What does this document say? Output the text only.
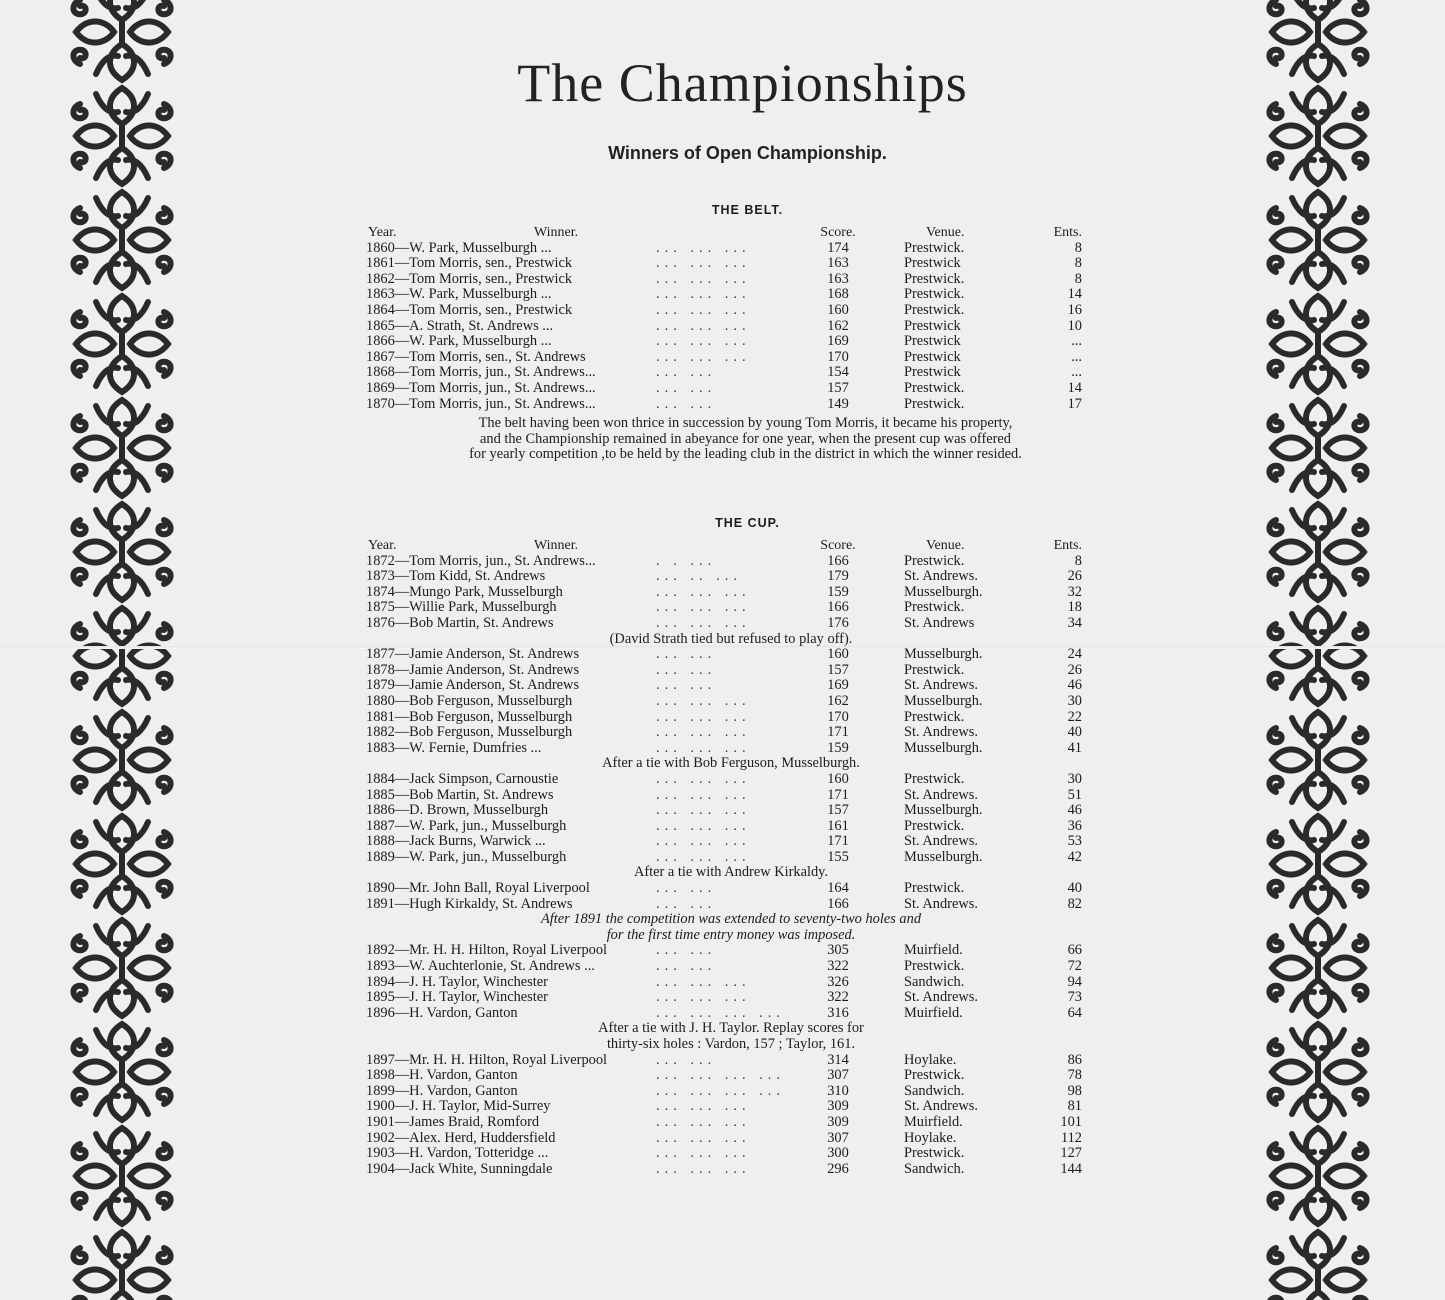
The Championships
Winners of Open Championship.
THE BELT.
Year.	Winner.	Score.	Venue.	Ents.
1860—W. Park, Musselburgh ...	... ... ...	174	Prestwick.	8
1861—Tom Morris, sen., Prestwick	... ... ...	163	Prestwick	8
1862—Tom Morris, sen., Prestwick	... ... ...	163	Prestwick.	8
1863—W. Park, Musselburgh ...	... ... ...	168	Prestwick.	14
1864—Tom Morris, sen., Prestwick	... ... ...	160	Prestwick.	16
1865—A. Strath, St. Andrews ...	... ... ...	162	Prestwick	10
1866—W. Park, Musselburgh ...	... ... ...	169	Prestwick	...
1867—Tom Morris, sen., St. Andrews	... ... ...	170	Prestwick	...
1868—Tom Morris, jun., St. Andrews...	... ...	154	Prestwick	...
1869—Tom Morris, jun., St. Andrews...	... ...	157	Prestwick.	14
1870—Tom Morris, jun., St. Andrews...	... ...	149	Prestwick.	17
The belt having been won thrice in succession by young Tom Morris, it became his property,
and the Championship remained in abeyance for one year, when the present cup was offered
for yearly competition ,to be held by the leading club in the district in which the winner resided.
THE CUP.
Year.	Winner.	Score.	Venue.	Ents.
1872—Tom Morris, jun., St. Andrews...	. . ...	166	Prestwick.	8
1873—Tom Kidd, St. Andrews	... .. ...	179	St. Andrews.	26
1874—Mungo Park, Musselburgh	... ... ...	159	Musselburgh.	32
1875—Willie Park, Musselburgh	... ... ...	166	Prestwick.	18
1876—Bob Martin, St. Andrews	... ... ...	176	St. Andrews	34
(David Strath tied but refused to play off).
1877—Jamie Anderson, St. Andrews	... ...	160	Musselburgh.	24
1878—Jamie Anderson, St. Andrews	... ...	157	Prestwick.	26
1879—Jamie Anderson, St. Andrews	... ...	169	St. Andrews.	46
1880—Bob Ferguson, Musselburgh	... ... ...	162	Musselburgh.	30
1881—Bob Ferguson, Musselburgh	... ... ...	170	Prestwick.	22
1882—Bob Ferguson, Musselburgh	... ... ...	171	St. Andrews.	40
1883—W. Fernie, Dumfries ...	... ... ...	159	Musselburgh.	41
After a tie with Bob Ferguson, Musselburgh.
1884—Jack Simpson, Carnoustie	... ... ...	160	Prestwick.	30
1885—Bob Martin, St. Andrews	... ... ...	171	St. Andrews.	51
1886—D. Brown, Musselburgh	... ... ...	157	Musselburgh.	46
1887—W. Park, jun., Musselburgh	... ... ...	161	Prestwick.	36
1888—Jack Burns, Warwick ...	... ... ...	171	St. Andrews.	53
1889—W. Park, jun., Musselburgh	... ... ...	155	Musselburgh.	42
After a tie with Andrew Kirkaldy.
1890—Mr. John Ball, Royal Liverpool	... ...	164	Prestwick.	40
1891—Hugh Kirkaldy, St. Andrews	... ...	166	St. Andrews.	82
After 1891 the competition was extended to seventy-two holes and
for the first time entry money was imposed.
1892—Mr. H. H. Hilton, Royal Liverpool	... ...	305	Muirfield.	66
1893—W. Auchterlonie, St. Andrews ...	... ...	322	Prestwick.	72
1894—J. H. Taylor, Winchester	... ... ...	326	Sandwich.	94
1895—J. H. Taylor, Winchester	... ... ...	322	St. Andrews.	73
1896—H. Vardon, Ganton	... ... ... ...	316	Muirfield.	64
After a tie with J. H. Taylor. Replay scores for
thirty-six holes : Vardon, 157 ; Taylor, 161.
1897—Mr. H. H. Hilton, Royal Liverpool	... ...	314	Hoylake.	86
1898—H. Vardon, Ganton	... ... ... ...	307	Prestwick.	78
1899—H. Vardon, Ganton	... ... ... ...	310	Sandwich.	98
1900—J. H. Taylor, Mid-Surrey	... ... ...	309	St. Andrews.	81
1901—James Braid, Romford	... ... ...	309	Muirfield.	101
1902—Alex. Herd, Huddersfield	... ... ...	307	Hoylake.	112
1903—H. Vardon, Totteridge ...	... ... ...	300	Prestwick.	127
1904—Jack White, Sunningdale	... ... ...	296	Sandwich.	144
